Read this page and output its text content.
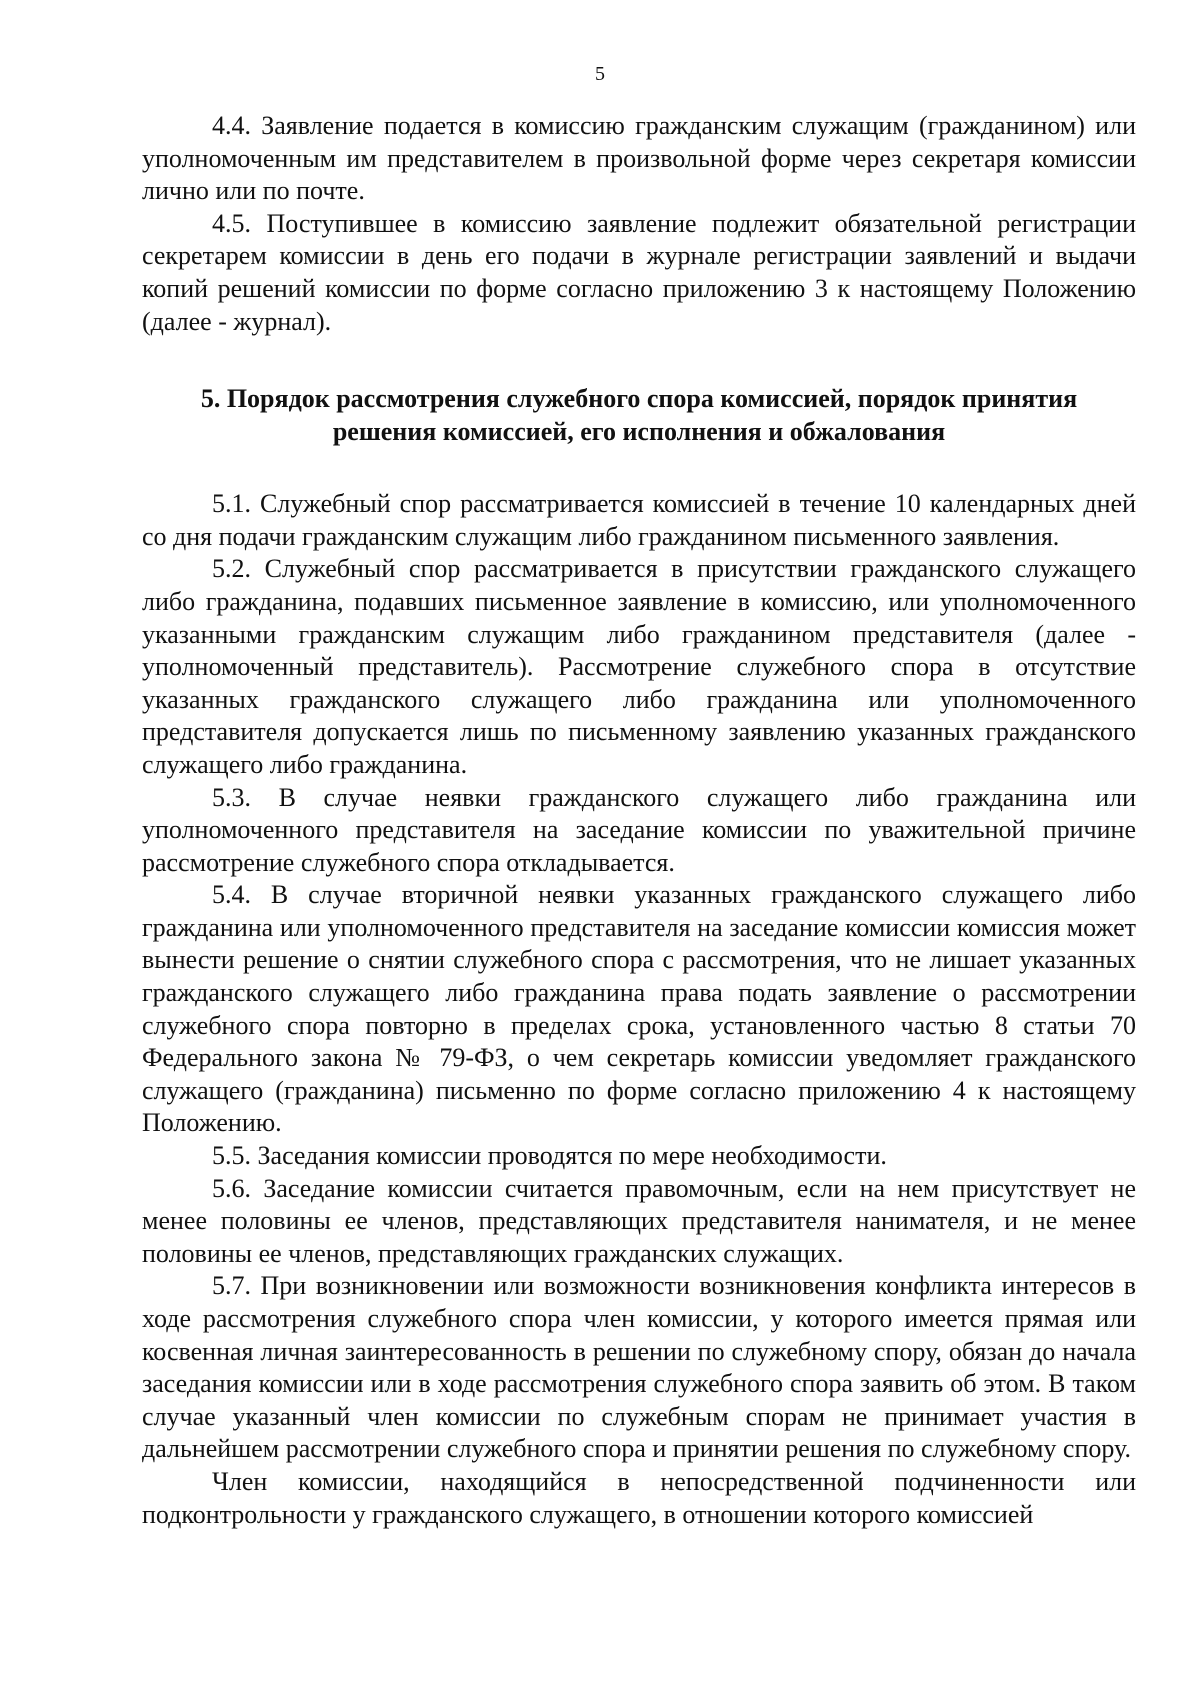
5

4.4. Заявление подается в комиссию гражданским служащим (гражданином) или уполномоченным им представителем в произвольной форме через секретаря комиссии лично или по почте.

4.5. Поступившее в комиссию заявление подлежит обязательной регистрации секретарем комиссии в день его подачи в журнале регистрации заявлений и выдачи копий решений комиссии по форме согласно приложению 3 к настоящему Положению (далее - журнал).

5. Порядок рассмотрения служебного спора комиссией, порядок принятия решения комиссией, его исполнения и обжалования

5.1. Служебный спор рассматривается комиссией в течение 10 календарных дней со дня подачи гражданским служащим либо гражданином письменного заявления.

5.2. Служебный спор рассматривается в присутствии гражданского служащего либо гражданина, подавших письменное заявление в комиссию, или уполномоченного указанными гражданским служащим либо гражданином представителя (далее - уполномоченный представитель). Рассмотрение служебного спора в отсутствие указанных гражданского служащего либо гражданина или уполномоченного представителя допускается лишь по письменному заявлению указанных гражданского служащего либо гражданина.

5.3. В случае неявки гражданского служащего либо гражданина или уполномоченного представителя на заседание комиссии по уважительной причине рассмотрение служебного спора откладывается.

5.4. В случае вторичной неявки указанных гражданского служащего либо гражданина или уполномоченного представителя на заседание комиссии комиссия может вынести решение о снятии служебного спора с рассмотрения, что не лишает указанных гражданского служащего либо гражданина права подать заявление о рассмотрении служебного спора повторно в пределах срока, установленного частью 8 статьи 70 Федерального закона № 79-ФЗ, о чем секретарь комиссии уведомляет гражданского служащего (гражданина) письменно по форме согласно приложению 4 к настоящему Положению.

5.5. Заседания комиссии проводятся по мере необходимости.

5.6. Заседание комиссии считается правомочным, если на нем присутствует не менее половины ее членов, представляющих представителя нанимателя, и не менее половины ее членов, представляющих гражданских служащих.

5.7. При возникновении или возможности возникновения конфликта интересов в ходе рассмотрения служебного спора член комиссии, у которого имеется прямая или косвенная личная заинтересованность в решении по служебному спору, обязан до начала заседания комиссии или в ходе рассмотрения служебного спора заявить об этом. В таком случае указанный член комиссии по служебным спорам не принимает участия в дальнейшем рассмотрении служебного спора и принятии решения по служебному спору.

Член комиссии, находящийся в непосредственной подчиненности или подконтрольности у гражданского служащего, в отношении которого комиссией
